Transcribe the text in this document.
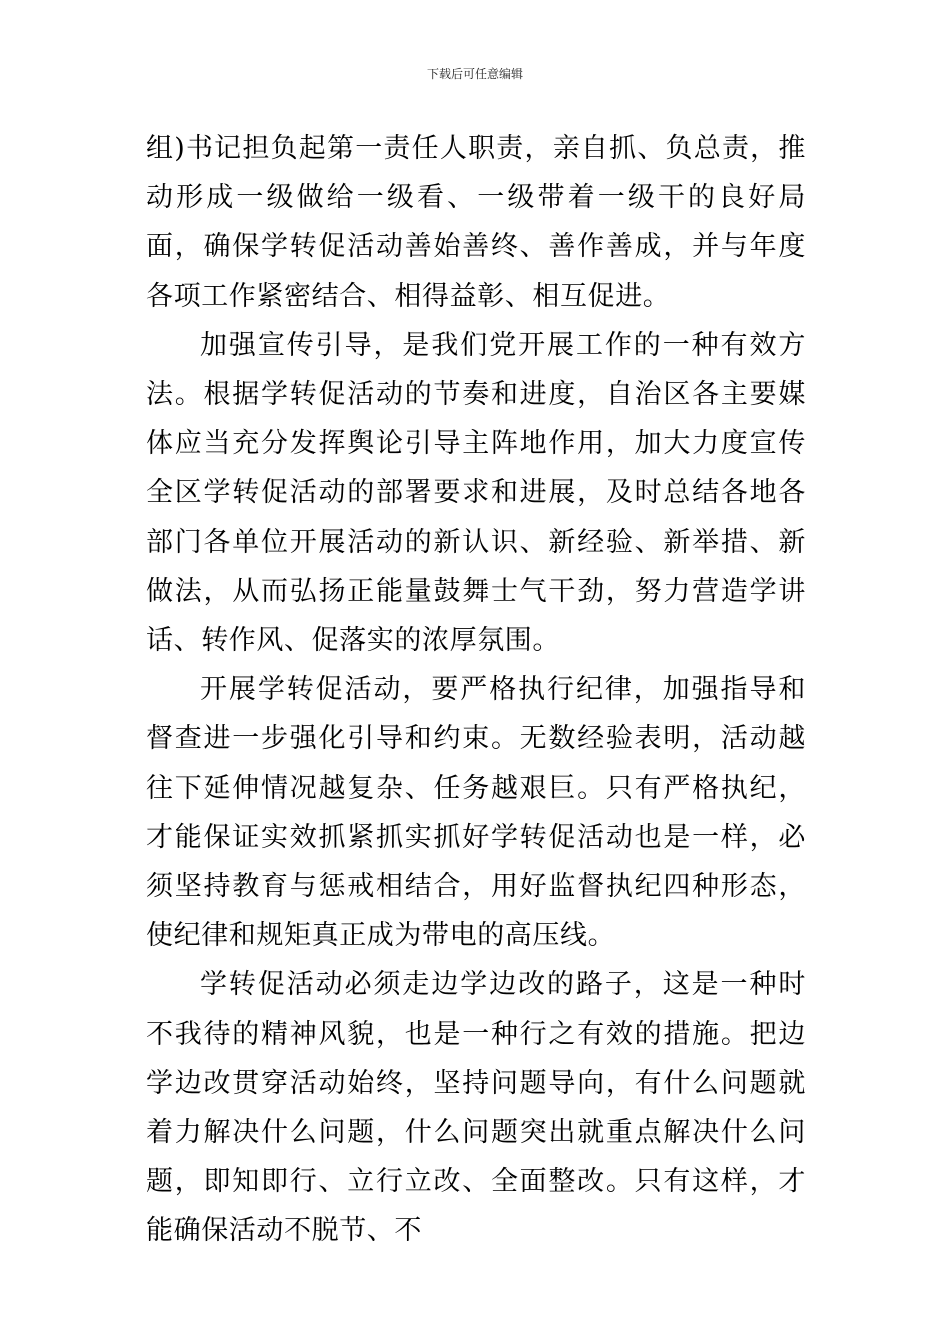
下载后可任意编辑

组)书记担负起第一责任人职责，亲自抓、负总责，推动形成一级做给一级看、一级带着一级干的良好局面，确保学转促活动善始善终、善作善成，并与年度各项工作紧密结合、相得益彰、相互促进。

加强宣传引导，是我们党开展工作的一种有效方法。根据学转促活动的节奏和进度，自治区各主要媒体应当充分发挥舆论引导主阵地作用，加大力度宣传全区学转促活动的部署要求和进展，及时总结各地各部门各单位开展活动的新认识、新经验、新举措、新做法，从而弘扬正能量鼓舞士气干劲，努力营造学讲话、转作风、促落实的浓厚氛围。

开展学转促活动，要严格执行纪律，加强指导和督查进一步强化引导和约束。无数经验表明，活动越往下延伸情况越复杂、任务越艰巨。只有严格执纪，才能保证实效抓紧抓实抓好学转促活动也是一样，必须坚持教育与惩戒相结合，用好监督执纪四种形态，使纪律和规矩真正成为带电的高压线。

学转促活动必须走边学边改的路子，这是一种时不我待的精神风貌，也是一种行之有效的措施。把边学边改贯穿活动始终，坚持问题导向，有什么问题就着力解决什么问题，什么问题突出就重点解决什么问题，即知即行、立行立改、全面整改。只有这样，才能确保活动不脱节、不
